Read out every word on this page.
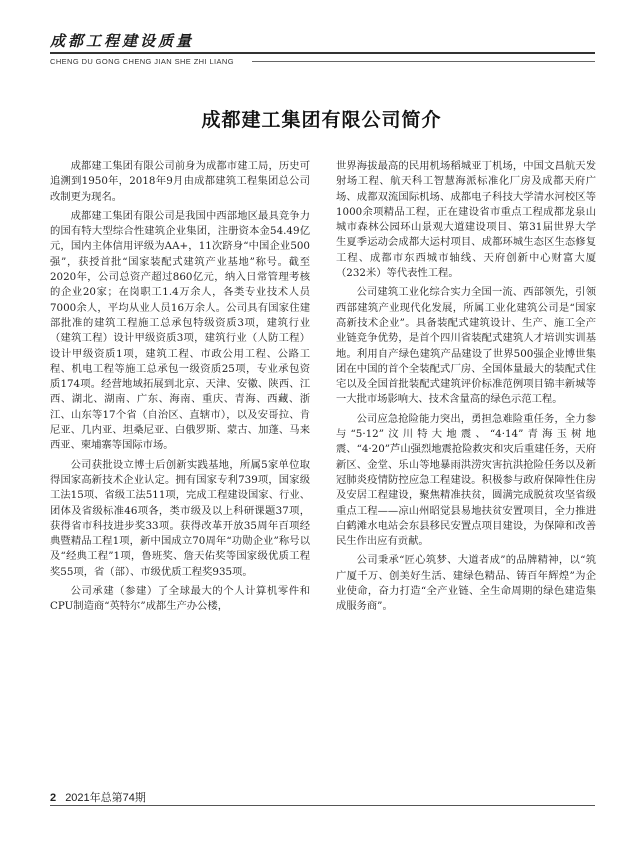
成都工程建设质量
CHENG DU GONG CHENG JIAN SHE ZHI LIANG
成都建工集团有限公司简介

成都建工集团有限公司前身为成都市建工局，历史可追溯到1950年，2018年9月由成都建筑工程集团总公司改制更为现名。

成都建工集团有限公司是我国中西部地区最具竞争力的国有特大型综合性建筑企业集团，注册资本金54.49亿元，国内主体信用评级为AA+，11次跻身“中国企业500强”，获授首批“国家装配式建筑产业基地”称号。截至2020年，公司总资产超过860亿元，纳入日常管理考核的企业20家；在岗职工1.4万余人，各类专业技术人员7000余人，平均从业人员16万余人。公司具有国家住建部批准的建筑工程施工总承包特级资质3项，建筑行业（建筑工程）设计甲级资质3项，建筑行业（人防工程）设计甲级资质1项，建筑工程、市政公用工程、公路工程、机电工程等施工总承包一级资质25项，专业承包资质174项。经营地域拓展到北京、天津、安徽、陕西、江西、湖北、湖南、广东、海南、重庆、青海、西藏、浙江、山东等17个省（自治区、直辖市），以及安哥拉、肯尼亚、几内亚、坦桑尼亚、白俄罗斯、蒙古、加蓬、马来西亚、柬埔寨等国际市场。

公司获批设立博士后创新实践基地，所属5家单位取得国家高新技术企业认定。拥有国家专利739项，国家级工法15项、省级工法511项，完成工程建设国家、行业、团体及省级标准46项各，类市级及以上科研课题37项，获得省市科技进步奖33项。获得改革开放35周年百项经典暨精品工程1项，新中国成立70周年“功勋企业”称号以及“经典工程”1项，鲁班奖、詹天佑奖等国家级优质工程奖55项，省（部）、市级优质工程奖935项。

公司承建（参建）了全球最大的个人计算机零件和CPU制造商“英特尔”成都生产办公楼，

世界海拔最高的民用机场稻城亚丁机场，中国文昌航天发射场工程、航天科工智慧海派标准化厂房及成都天府广场、成都双流国际机场、成都电子科技大学清水河校区等1000余项精品工程，正在建设省市重点工程成都龙泉山城市森林公园环山景观大道建设项目、第31届世界大学生夏季运动会成都大运村项目、成都环城生态区生态修复工程、成都市东西城市轴线、天府创新中心财富大厦（232米）等代表性工程。

公司建筑工业化综合实力全国一流、西部领先，引领西部建筑产业现代化发展，所属工业化建筑公司是“国家高新技术企业”。具备装配式建筑设计、生产、施工全产业链竞争优势，是首个四川省装配式建筑人才培训实训基地。利用自产绿色建筑产品建设了世界500强企业博世集团在中国的首个全装配式厂房、全国体量最大的装配式住宅以及全国首批装配式建筑评价标准范例项目锦丰新城等一大批市场影响大、技术含量高的绿色示范工程。

公司应急抢险能力突出，勇担急难险重任务，全力参与“5·12”汶川特大地震、“4·14”青海玉树地震、“4·20”芦山强烈地震抢险救灾和灾后重建任务，天府新区、金堂、乐山等地暴雨洪涝灾害抗洪抢险任务以及新冠肺炎疫情防控应急工程建设。积极参与政府保障性住房及安居工程建设，聚焦精准扶贫，圆满完成脱贫攻坚省级重点工程——凉山州昭觉县易地扶贫安置项目，全力推进白鹤滩水电站会东县移民安置点项目建设，为保障和改善民生作出应有贡献。

公司秉承“匠心筑梦、大道者成”的品牌精神，以“筑广厦千万、创美好生活、建绿色精品、铸百年辉煌”为企业使命，奋力打造“全产业链、全生命周期的绿色建造集成服务商”。

2 2021年总第74期
